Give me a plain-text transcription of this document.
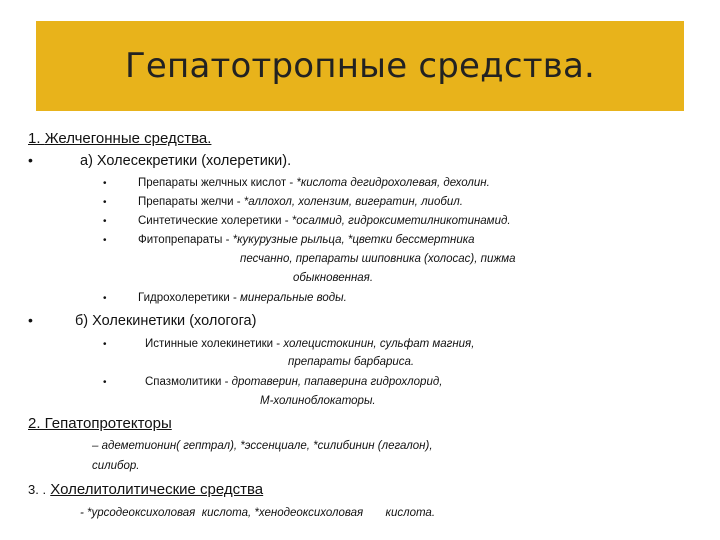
Гепатотропные средства.
1. Желчегонные средства.
•	а) Холесекретики (холеретики).
•	Препараты желчных кислот - *кислота дегидрохолевая, дехолин.
•	Препараты желчи - *аллохол, холензим, вигератин, лиобил.
•	Синтетические холеретики - *осалмид, гидроксиметилникотинамид.
•	Фитопрепараты - *кукурузные рыльца, *цветки бессмертника
песчанно, препараты шиповника (холосас), пижма
обыкновенная.
•	Гидрохолеретики - минеральные воды.
•	б) Холекинетики (хологога)
•	Истинные холекинетики - холецистокинин, сульфат магния,
препараты барбариса.
•	Спазмолитики - дротаверин, папаверина гидрохлорид,
М-холиноблокаторы.
2. Гепатопротекторы
– адеметионин( гептрал), *эссенциале, *силибинин (легалон),
силибор.
3. . Холелитолитические средства
- *урсодеоксихоловая  кислота, *хенодеоксихоловая       кислота.
